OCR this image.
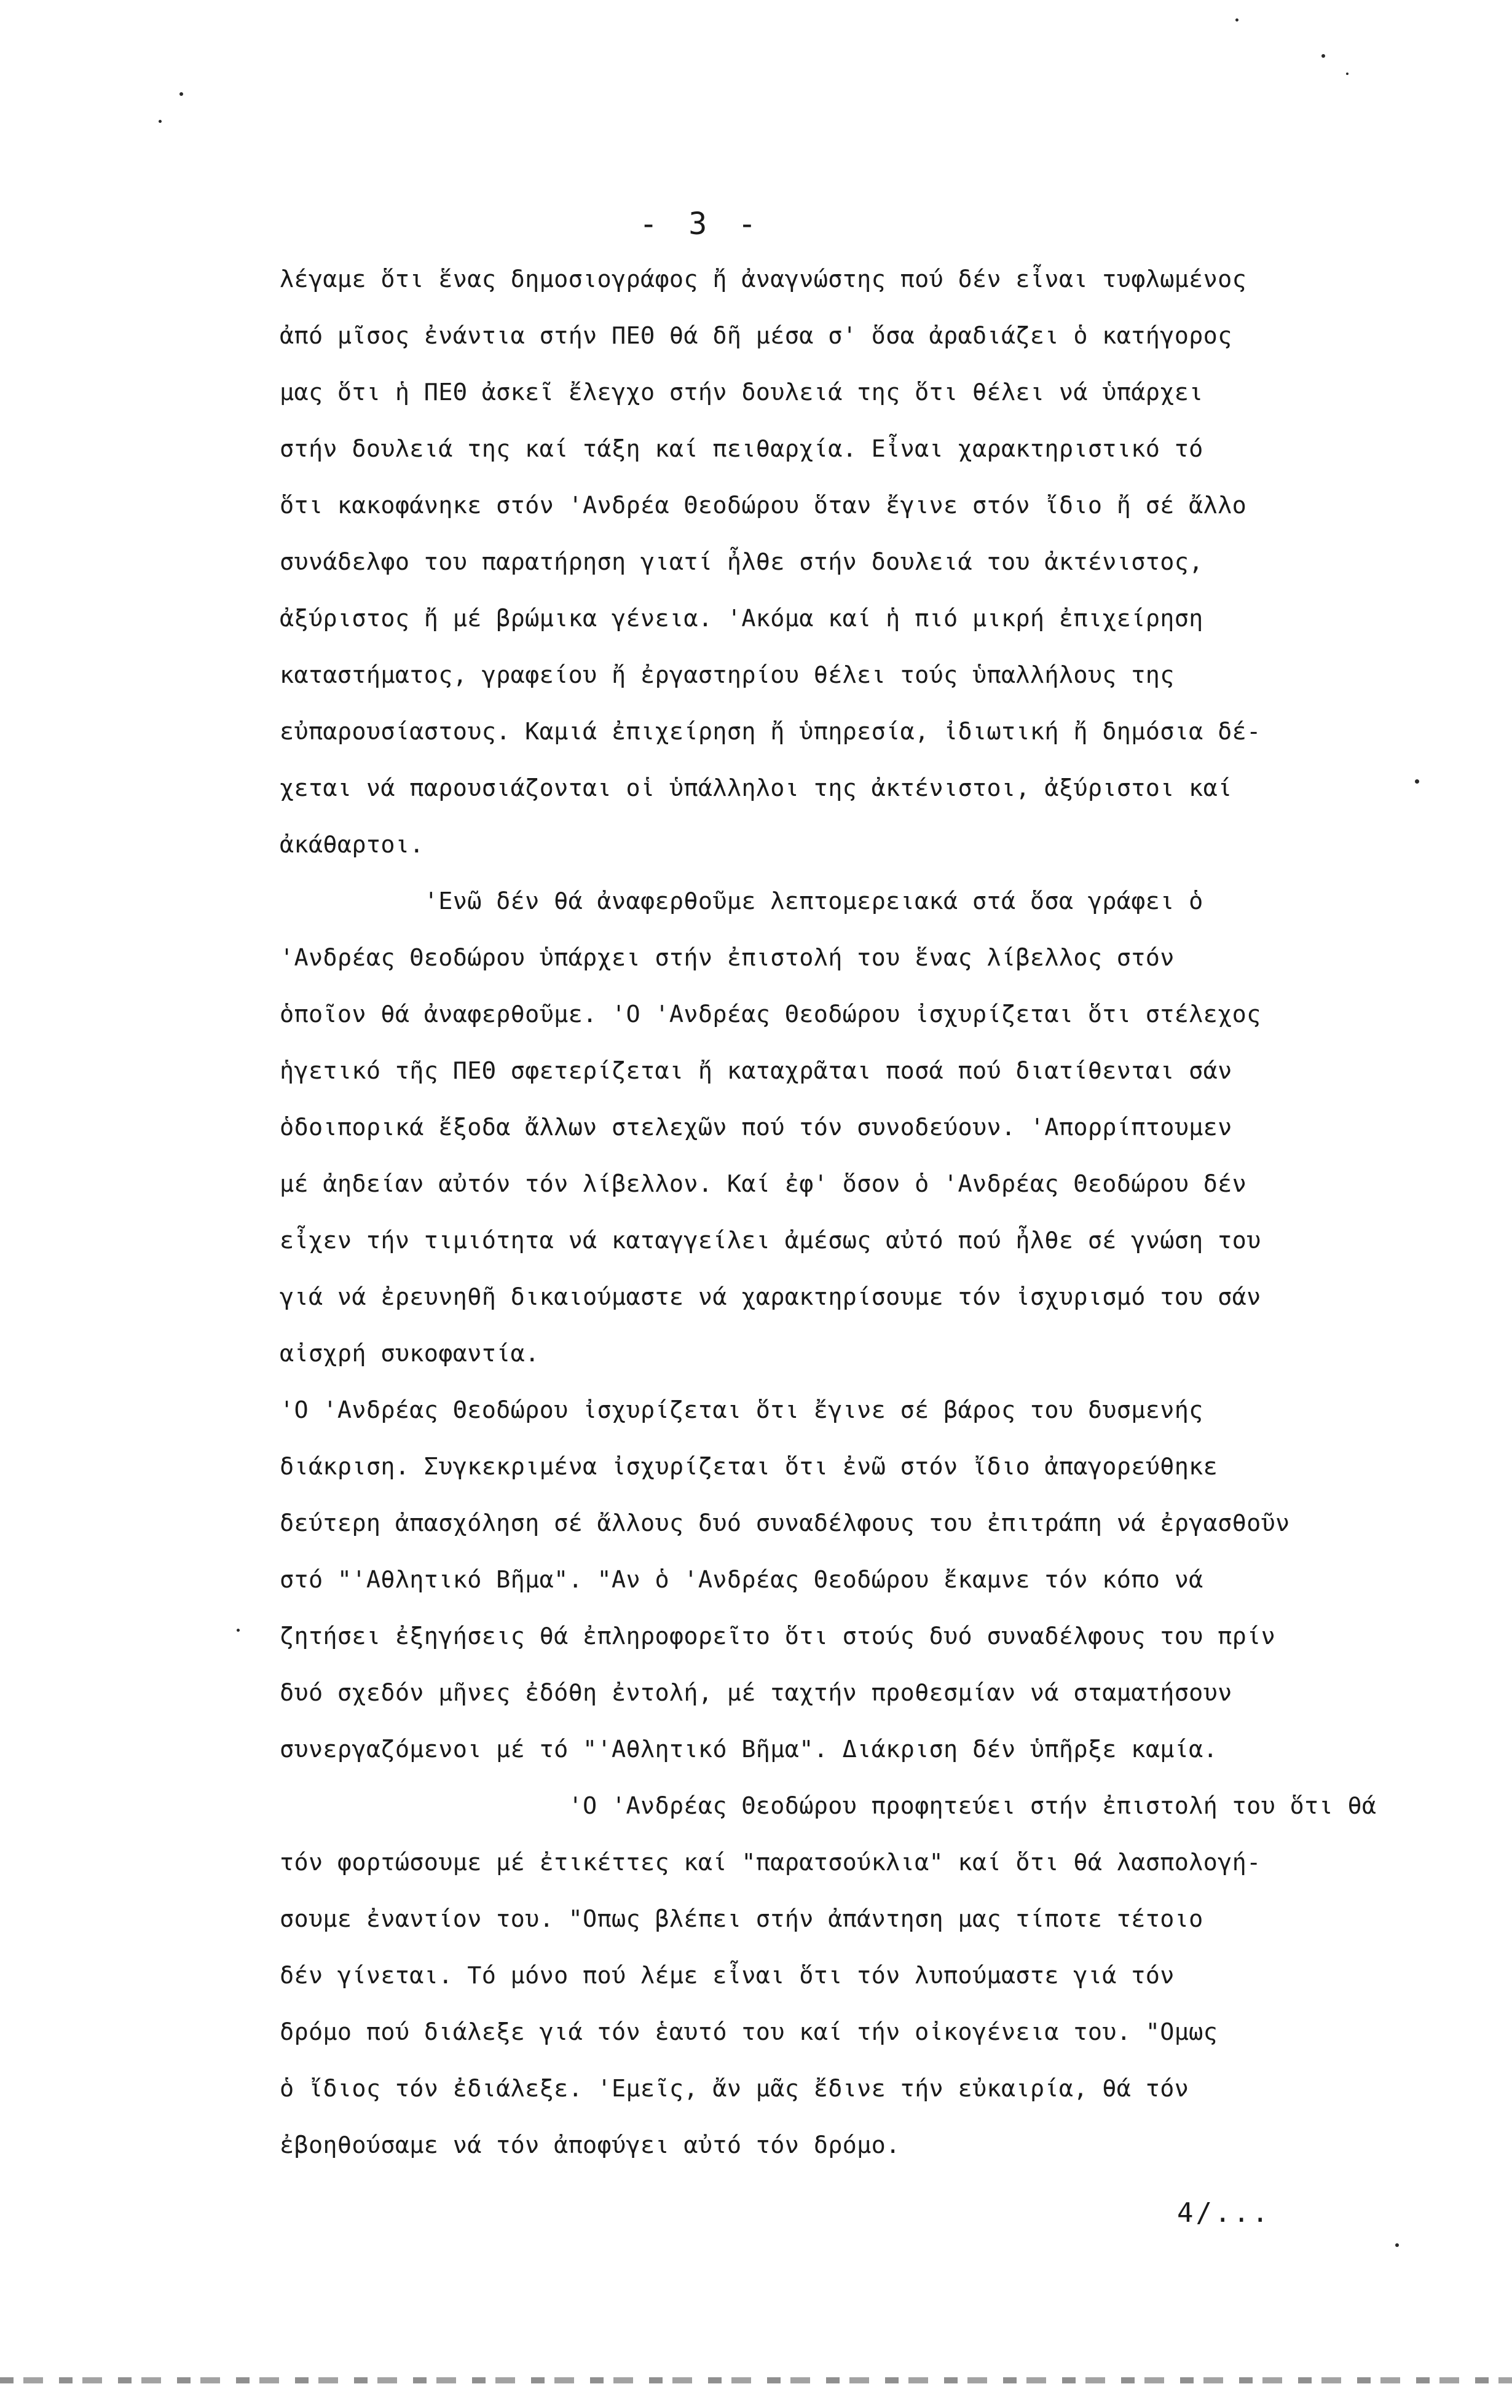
- 3 -
λέγαμε ὅτι ἕνας δημοσιογράφος ἤ ἀναγνώστης πού δέν εἶναι τυφλωμένος
ἀπό μῖσος ἐνάντια στήν ΠΕΘ θά δῆ μέσα σ' ὅσα ἀραδιάζει ὁ κατήγορος
μας ὅτι ἡ ΠΕΘ ἀσκεῖ ἔλεγχο στήν δουλειά της ὅτι θέλει νά ὑπάρχει
στήν δουλειά της καί τάξη καί πειθαρχία. Εἶναι χαρακτηριστικό τό
ὅτι κακοφάνηκε στόν 'Ανδρέα Θεοδώρου ὅταν ἔγινε στόν ἴδιο ἤ σέ ἄλλο
συνάδελφο του παρατήρηση γιατί ἦλθε στήν δουλειά του ἀκτένιστος,
ἀξύριστος ἤ μέ βρώμικα γένεια. 'Ακόμα καί ἡ πιό μικρή ἐπιχείρηση
καταστήματος, γραφείου ἤ ἐργαστηρίου θέλει τούς ὑπαλλήλους της
εὐπαρουσίαστους. Καμιά ἐπιχείρηση ἤ ὑπηρεσία, ἰδιωτική ἤ δημόσια δέ-
χεται νά παρουσιάζονται οἱ ὑπάλληλοι της ἀκτένιστοι, ἀξύριστοι καί
ἀκάθαρτοι.
'Ενῶ δέν θά ἀναφερθοῦμε λεπτομερειακά στά ὅσα γράφει ὁ
'Ανδρέας Θεοδώρου ὑπάρχει στήν ἐπιστολή του ἕνας λίβελλος στόν
ὁποῖον θά ἀναφερθοῦμε. 'Ο 'Ανδρέας Θεοδώρου ἰσχυρίζεται ὅτι στέλεχος
ἡγετικό τῆς ΠΕΘ σφετερίζεται ἤ καταχρᾶται ποσά πού διατίθενται σάν
ὁδοιπορικά ἔξοδα ἄλλων στελεχῶν πού τόν συνοδεύουν. 'Απορρίπτουμεν
μέ ἀηδείαν αὐτόν τόν λίβελλον. Καί ἐφ' ὅσον ὁ 'Ανδρέας Θεοδώρου δέν
εἶχεν τήν τιμιότητα νά καταγγείλει ἀμέσως αὐτό πού ἦλθε σέ γνώση του
γιά νά ἐρευνηθῆ δικαιούμαστε νά χαρακτηρίσουμε τόν ἰσχυρισμό του σάν
αἰσχρή συκοφαντία.
'Ο 'Ανδρέας Θεοδώρου ἰσχυρίζεται ὅτι ἔγινε σέ βάρος του δυσμενής
διάκριση. Συγκεκριμένα ἰσχυρίζεται ὅτι ἐνῶ στόν ἴδιο ἀπαγορεύθηκε
δεύτερη ἀπασχόληση σέ ἄλλους δυό συναδέλφους του ἐπιτράπη νά ἐργασθοῦν
στό "'Αθλητικό Βῆμα". "Αν ὁ 'Ανδρέας Θεοδώρου ἔκαμνε τόν κόπο νά
ζητήσει ἐξηγήσεις θά ἐπληροφορεῖτο ὅτι στούς δυό συναδέλφους του πρίν
δυό σχεδόν μῆνες ἐδόθη ἐντολή, μέ ταχτήν προθεσμίαν νά σταματήσουν
συνεργαζόμενοι μέ τό "'Αθλητικό Βῆμα". Διάκριση δέν ὑπῆρξε καμία.
'Ο 'Ανδρέας Θεοδώρου προφητεύει στήν ἐπιστολή του ὅτι θά
τόν φορτώσουμε μέ ἐτικέττες καί "παρατσούκλια" καί ὅτι θά λασπολογή-
σουμε ἐναντίον του. "Οπως βλέπει στήν ἀπάντηση μας τίποτε τέτοιο
δέν γίνεται. Τό μόνο πού λέμε εἶναι ὅτι τόν λυπούμαστε γιά τόν
δρόμο πού διάλεξε γιά τόν ἑαυτό του καί τήν οἰκογένεια του. "Ομως
ὁ ἴδιος τόν ἐδιάλεξε. 'Εμεῖς, ἄν μᾶς ἔδινε τήν εὐκαιρία, θά τόν
ἐβοηθούσαμε νά τόν ἀποφύγει αὐτό τόν δρόμο.
4/...
